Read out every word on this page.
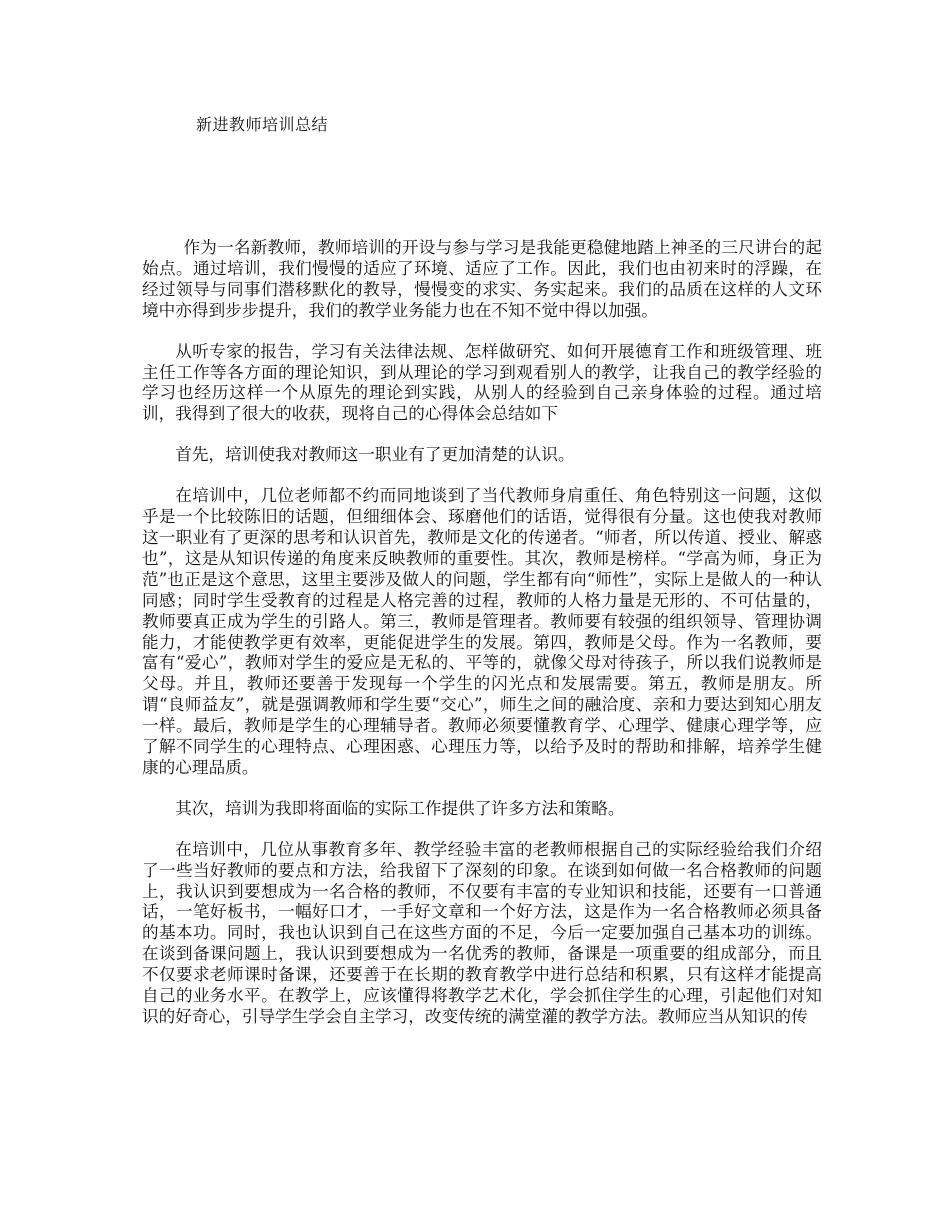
新进教师培训总结

作为一名新教师，教师培训的开设与参与学习是我能更稳健地踏上神圣的三尺讲台的起始点。通过培训，我们慢慢的适应了环境、适应了工作。因此，我们也由初来时的浮躁，在经过领导与同事们潜移默化的教导，慢慢变的求实、务实起来。我们的品质在这样的人文环境中亦得到步步提升，我们的教学业务能力也在不知不觉中得以加强。

从听专家的报告，学习有关法律法规、怎样做研究、如何开展德育工作和班级管理、班主任工作等各方面的理论知识，到从理论的学习到观看别人的教学，让我自己的教学经验的学习也经历这样一个从原先的理论到实践，从别人的经验到自己亲身体验的过程。通过培训，我得到了很大的收获，现将自己的心得体会总结如下

首先，培训使我对教师这一职业有了更加清楚的认识。

在培训中，几位老师都不约而同地谈到了当代教师身肩重任、角色特别这一问题，这似乎是一个比较陈旧的话题，但细细体会、琢磨他们的话语，觉得很有分量。这也使我对教师这一职业有了更深的思考和认识首先，教师是文化的传递者。“师者，所以传道、授业、解惑也”，这是从知识传递的角度来反映教师的重要性。其次，教师是榜样。“学高为师，身正为范”也正是这个意思，这里主要涉及做人的问题，学生都有向“师性”，实际上是做人的一种认同感；同时学生受教育的过程是人格完善的过程，教师的人格力量是无形的、不可估量的，教师要真正成为学生的引路人。第三，教师是管理者。教师要有较强的组织领导、管理协调能力，才能使教学更有效率，更能促进学生的发展。第四，教师是父母。作为一名教师，要富有“爱心”，教师对学生的爱应是无私的、平等的，就像父母对待孩子，所以我们说教师是父母。并且，教师还要善于发现每一个学生的闪光点和发展需要。第五，教师是朋友。所谓“良师益友”，就是强调教师和学生要“交心”，师生之间的融洽度、亲和力要达到知心朋友一样。最后，教师是学生的心理辅导者。教师必须要懂教育学、心理学、健康心理学等，应了解不同学生的心理特点、心理困惑、心理压力等，以给予及时的帮助和排解，培养学生健康的心理品质。

其次，培训为我即将面临的实际工作提供了许多方法和策略。

在培训中，几位从事教育多年、教学经验丰富的老教师根据自己的实际经验给我们介绍了一些当好教师的要点和方法，给我留下了深刻的印象。在谈到如何做一名合格教师的问题上，我认识到要想成为一名合格的教师，不仅要有丰富的专业知识和技能，还要有一口普通话，一笔好板书，一幅好口才，一手好文章和一个好方法，这是作为一名合格教师必须具备的基本功。同时，我也认识到自己在这些方面的不足，今后一定要加强自己基本功的训练。在谈到备课问题上，我认识到要想成为一名优秀的教师，备课是一项重要的组成部分，而且不仅要求老师课时备课，还要善于在长期的教育教学中进行总结和积累，只有这样才能提高自己的业务水平。在教学上，应该懂得将教学艺术化，学会抓住学生的心理，引起他们对知识的好奇心，引导学生学会自主学习，改变传统的满堂灌的教学方法。教师应当从知识的传
